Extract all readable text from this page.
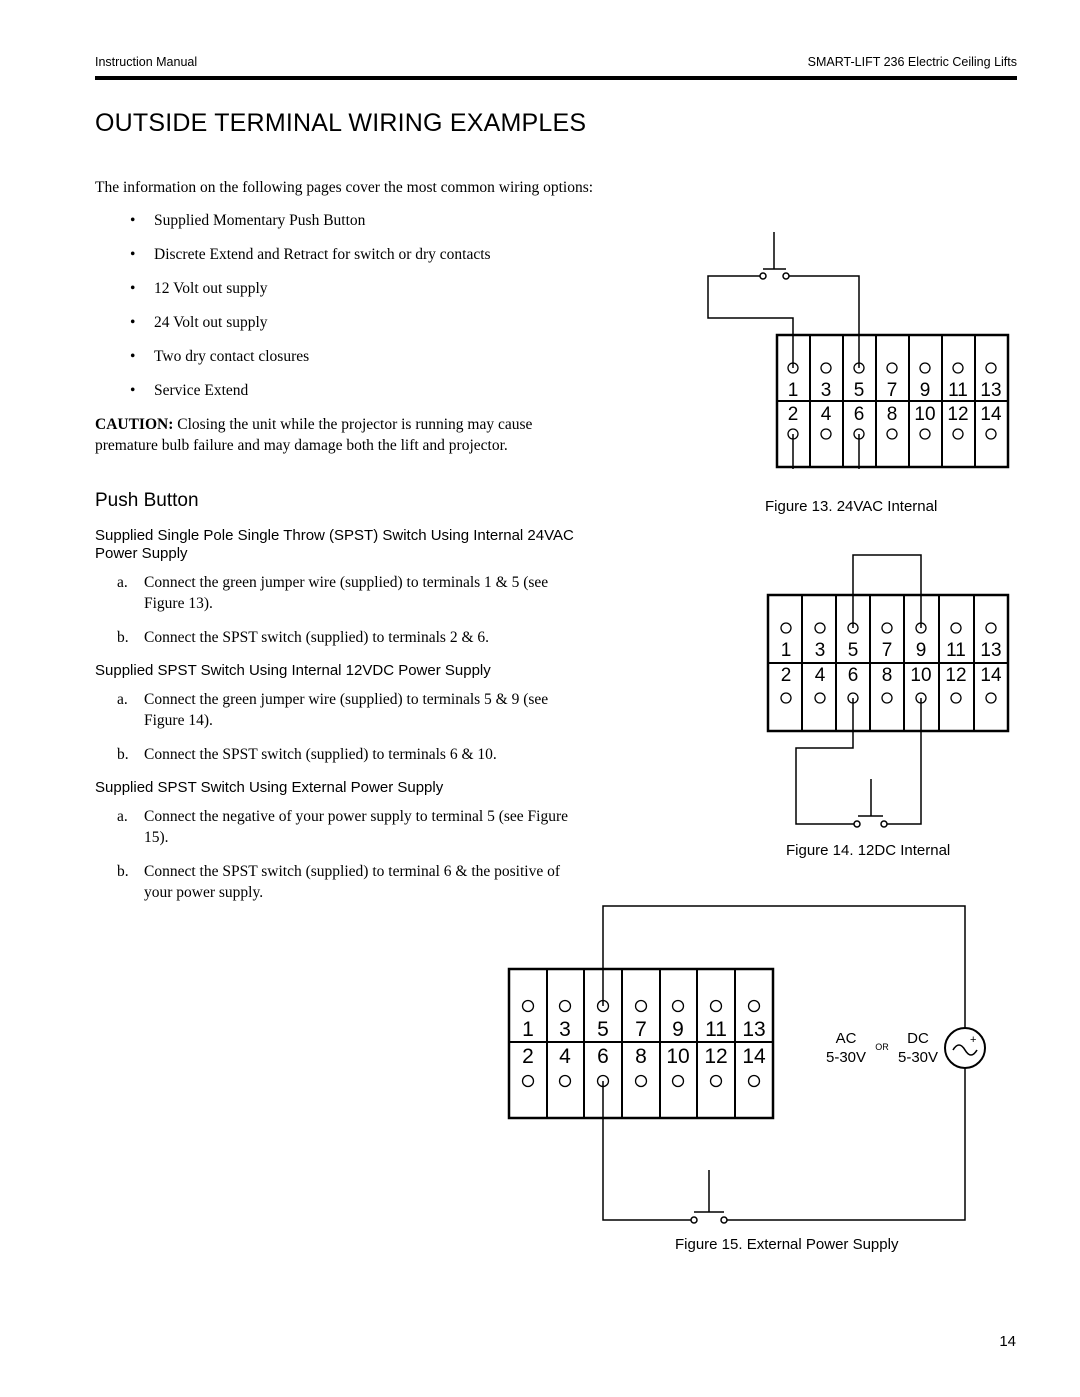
Instruction Manual	SMART-LIFT 236 Electric Ceiling Lifts
OUTSIDE TERMINAL WIRING EXAMPLES
The information on the following pages cover the most common wiring options:
• Supplied Momentary Push Button
• Discrete Extend and Retract for switch or dry contacts
• 12 Volt out supply
• 24 Volt out supply
• Two dry contact closures
• Service Extend
CAUTION: Closing the unit while the projector is running may cause premature bulb failure and may damage both the lift and projector.
Push Button
Supplied Single Pole Single Throw (SPST) Switch Using Internal 24VAC Power Supply
a. Connect the green jumper wire (supplied) to terminals 1 & 5 (see Figure 13).
b. Connect the SPST switch (supplied) to terminals 2 & 6.
Supplied SPST Switch Using Internal 12VDC Power Supply
a. Connect the green jumper wire (supplied) to terminals 5 & 9 (see Figure 14).
b. Connect the SPST switch (supplied) to terminals 6 & 10.
Supplied SPST Switch Using External Power Supply
a. Connect the negative of your power supply to terminal 5 (see Figure 15).
b. Connect the SPST switch (supplied) to terminal 6 & the positive of your power supply.
1 3 5 7 9 11 13
2 4 6 8 10 12 14
Figure 13. 24VAC Internal
1 3 5 7 9 11 13
2 4 6 8 10 12 14
Figure 14. 12DC Internal
1 3 5 7 9 11 13
2 4 6 8 10 12 14
+
AC	DC
OR
5-30V 5-30V
Figure 15. External Power Supply
14
